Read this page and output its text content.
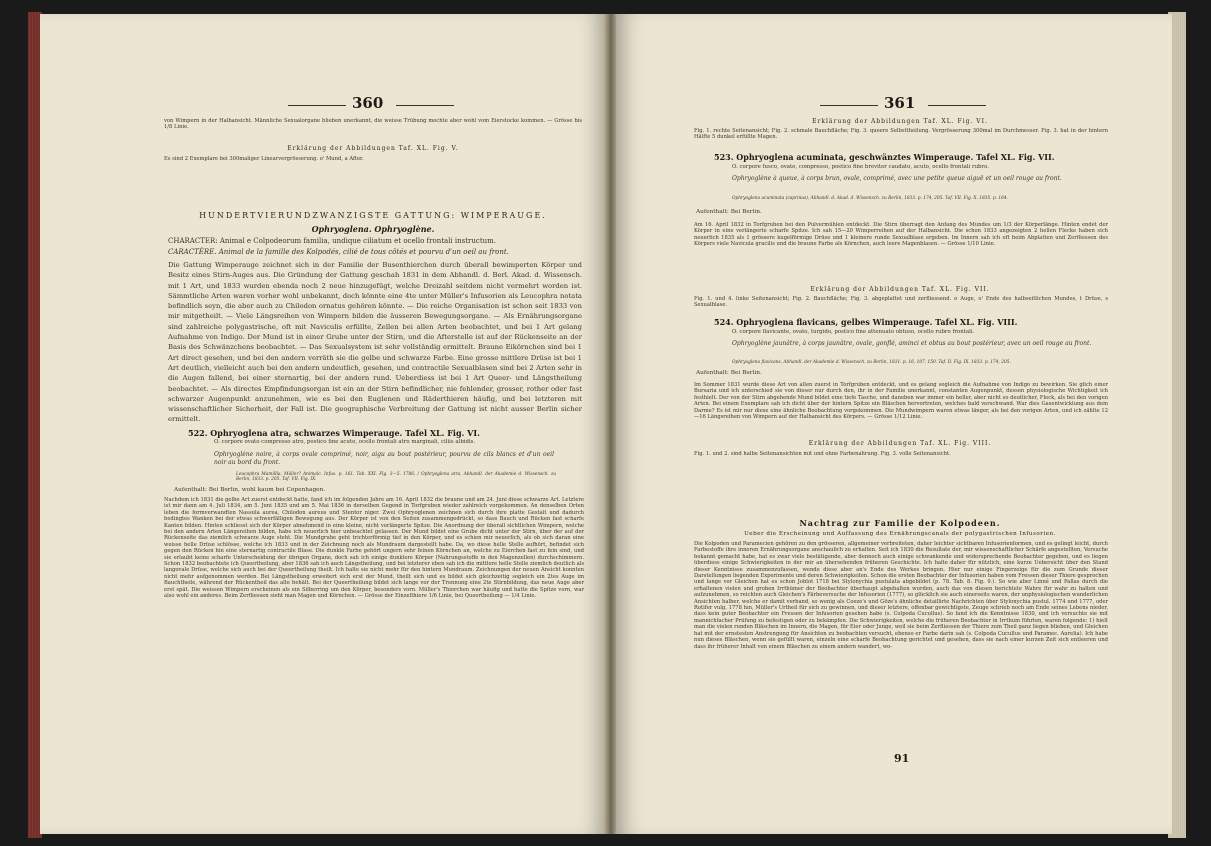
360
von Wimpern in der Halbansicht. Männliche Sexualorgane blieben unerkannt, die weisse Trübung mochte aber wohl vom Eierstocke kommen. — Grösse bis 1/8 Linie.
Erklärung der Abbildungen Taf. XL. Fig. V.
Es sind 2 Exemplare bei 300maliger Linearvergrösserung. o' Mund, a After.
HUNDERTVIERUNDZWANZIGSTE GATTUNG: WIMPERAUGE.
Ophryoglena. Ophryoglène.
CHARACTER: Animal e Colpodeorum familia, undique ciliatum et ocello frontali instructum.
CARACTÈRE. Animal de la famille des Kolpodés, cilié de tous côtés et pourvu d'un oeil au front.
Die Gattung Wimperauge zeichnet sich in der Familie der Busenthierchen durch überall bewimperten Körper und Besitz eines Stirn-Auges aus. Die Gründung der Gattung geschah 1831 in dem Abhandl. d. Berl. Akad. d. Wissensch. mit 1 Art, und 1833 wurden ebenda noch 2 neue hinzugefügt, welche Dreizahl seitdem nicht vermehrt worden ist. Sämmtliche Arten waren vorher wohl unbekannt, doch könnte eine 4te unter Müller's Infusorien als Leucophra notata befindlich seyn, die aber auch zu Chilodon ornatus gehören könnte. — Die reiche Organisation ist schon seit 1833 von mir mitgetheilt. — Viele Längsreihen von Wimpern bilden die äusseren Bewegungsorgane. — Als Ernährungsorgane sind zahlreiche polygastrische, oft mit Naviculis erfüllte, Zellen bei allen Arten beobachtet, und bei 1 Art gelang Aufnahme von Indigo. Der Mund ist in einer Grube unter der Stirn, und die Afterstelle ist auf der Rückenseite an der Basis des Schwänzchens beobachtet. — Das Sexualsystem ist sehr vollständig ermittelt. Braune Eikörnchen sind bei 1 Art direct gesehen, und bei den andern verräth sie die gelbe und schwarze Farbe. Eine grosse mittlere Drüse ist bei 1 Art deutlich, vielleicht auch bei den andern undeutlich, gesehen, und contractile Sexualblasen sind bei 2 Arten sehr in die Augen fallend, bei einer sternartig, bei der andern rund. Ueberdiess ist bei 1 Art Queer- und Längstheilung beobachtet. — Als directes Empfindungsorgan ist ein an der Stirn befindlicher, nie fehlender, grosser, rother oder fast schwarzer Augenpunkt anzunehmen, wie es bei den Euglenen und Räderthieren häufig, und bei letzteren mit wissenschaftlicher Sicherheit, der Fall ist. Die geographische Verbreitung der Gattung ist nicht ausser Berlin sicher ermittelt.
522. Ophryoglena atra, schwarzes Wimperauge. Tafel XL. Fig. VI.
O. corpore ovato compresso atro, postico fine acuto, ocello frontali atro marginali, ciliis albidis.
Ophryoglène noire, à corps ovale comprimé, noir, aigu au bout postérieur, pourvu de cils blancs et d'un oeil noir au bord du front.
Leucophra Mamillla, Müller? Animalc. Infus. p. 161. Tab. XXI. Fig. 3—5. 1786. / Ophryoglena atra, Abhandl. der Akademie d. Wissensch. zu Berlin, 1833. p. 205. Taf. VII. Fig. IX.
Aufenthalt: Bei Berlin, wohl kaum bei Copenhagen.
Nachdem ich 1831 die gelbe Art zuerst entdeckt hatte, fand ich im folgenden Jahre am 16. April 1832 die braune und am 24. Juni diese schwarze Art. Letztere ist mir dann am 4. Juli 1834, am 5. Juni 1835 und am 5. Mai 1836 in derselben Gegend in Torfgruben wieder zahlreich vorgekommen. An denselben Orten leben die formverwandten Nassula aurea, Chilodon aureus und Stentor niger. Zwei Ophryoglenen zeichnen sich durch ihre platte Gestalt und dadurch bedingtes Wanken bei der etwas schwerfälligen Bewegung aus. Der Körper ist von den Seiten zusammengedrückt, so dass Bauch und Rücken fast scharfe Kanten bilden. Hinten schliesst sich der Körper abnehmend in eine kleine, nicht verlängerte Spitze. Die Anordnung der überall sichtlichen Wimpern, welche bei den andern Arten Längsreihen bilden, habe ich neuerlich hier unbeachtet gelassen. Der Mund bildet eine Grube dicht unter der Stirn, über der auf der Rückenseite das ziemlich schwarze Auge steht. Die Mundgrube geht trichterförmig tief in den Körper, und es schien mir neuerlich, als ob sich daran eine weisse helle Drüse schlösse, welche ich 1833 und in der Zeichnung noch als Mundraum dargestellt habe. Da, wo diese helle Stelle aufhört, befindet sich gegen den Rücken hin eine sternartig contractile Blase. Die dunkle Farbe gehört ungern sehr feinen Körnchen an, welche zu Eierchen fast zu fein sind, und sie erlaubt keine scharfe Unterscheidung der übrigen Organe, doch sah ich einige dunklere Körper (Nahrungsstoffe in den Magenzellen) durchschimmern. Schon 1832 beobachtete ich Queertheilung, aber 1836 sah ich auch Längstheilung, und bei letzterer eben sah ich die mittlere helle Stelle ziemlich deutlich als langovale Drüse, welche sich auch bei der Queertheilung theilt. Ich halte sie nicht mehr für den hintern Mundraum. Zeichnungen der neuen Ansicht konnten nicht mehr aufgenommen werden. Bei Längstheilung erweitert sich erst der Mund, theilt sich und es bildet sich gleichzeitig sogleich ein 2tes Auge im Bauchtheile, während der Rückentheil das alte behält. Bei der Queertheilung bildet sich lange vor der Trennung eine 2te Stirnbildung, das neue Auge aber erst spät. Die weissen Wimpern erscheinen als ein Silberring um den Körper, besonders vorn. Müller's Thierchen war häufig und hatte die Spitze vorn, war also wohl ein anderes. Beim Zerfliessen sieht man Magen und Körnchen. — Grösse der Einzelthiere 1/6 Linie, bei Queertheilung — 1/4 Linie.
361
Erklärung der Abbildungen Taf. XL. Fig. VI.
Fig. 1. rechte Seitenansicht; Fig. 2. schmale Bauchfläche; Fig. 3. queere Selbsttheilung. Vergrösserung 300mal im Durchmesser. Fig. 3. hat in der hintern Hälfte 5 dunkel erfüllte Magen.
523. Ophryoglena acuminata, geschwänztes Wimperauge. Tafel XL. Fig. VII.
O. corpore fusco, ovato, compresso, postico fine breviter caudato, acuto, ocello frontali rubro.
Ophryoglène à queue, à corps brun, ovale, comprimé, avec une petite queue aiguë et un oeil rouge au front.
Ophryoglena acuminata (caprinus), Abhandl. d. Akad. d. Wissensch. zu Berlin, 1833. p. 174, 205. Taf. VII. Fig. X. 1835. p. 164.
Aufenthalt: Bei Berlin.
Am 16. April 1832 in Torfgruben bei den Pulvermühlen entdeckt. Die Stirn überragt den Anfang des Mundes um 1/3 der Körperlänge. Hinten endet der Körper in eine verlängerte scharfe Spitze. Ich sah 15—20 Wimperreihen auf der Halbansicht. Die schon 1833 angezeigten 2 hellen Flecke haben sich neuerlich 1835 als 1 grössere kugelförmige Drüse und 1 kleinere runde Sexualblase ergeben. Im Innern sah ich oft beim Abplatten und Zerfliessen des Körpers viele Navicula gracilis und die braune Farbe als Körnchen, auch leere Magenblasen. — Grösse 1/10 Linie.
Erklärung der Abbildungen Taf. XL. Fig. VII.
Fig. 1. und 4. linke Seitenansicht; Fig. 2. Bauchfläche; Fig. 3. abgeplattet und zerfliessend. o Auge, o' Ende des halbseitlichen Mundes, t Drüse, s Sexualblase.
524. Ophryoglena flavicans, gelbes Wimperauge. Tafel XL. Fig. VIII.
O. corpore flavicante, ovato, turgido, postico fine attenuato obtuso, ocello rubro frontali.
Ophryoglène jaunâtre, à corps jaunâtre, ovale, gonflé, aminci et obtus au bout postérieur, avec un oeil rouge au front.
Ophryoglena flavicans, Abhandl. der Akademie d. Wissensch. zu Berlin, 1831. p. 16, 107, 150. Taf. II. Fig. IX. 1833. p. 174, 205.
Aufenthalt: Bei Berlin.
Im Sommer 1831 wurde diese Art von allen zuerst in Torfgruben entdeckt, und es gelang sogleich die Aufnahme von Indigo zu bewirken. Sie glich einer Bursaria und ich unterschied sie von dieser nur durch den, ihr in der Familie unerkannt, constanten Augenpunkt, dessen physiologische Wichtigkeit ich festhielt. Der von der Stirn abgehende Mund bildet eine tiefe Tasche, und daneben war immer ein heller, aber nicht so deutlicher, Fleck, als bei den vorigen Arten. Bei einem Exemplare sah ich dicht über der hintern Spitze ein Bläschen hervortreten, welches bald verschwand. War dies Gasentwicklung aus dem Darme? Es ist mir nur diese eine ähnliche Beobachtung vorgekommen. Die Mundwimpern waren etwas länger, als bei den vorigen Arten, und ich zählte 12—16 Längsreihen von Wimpern auf der Halbansicht des Körpers. — Grösse 1/12 Linie.
Erklärung der Abbildungen Taf. XL. Fig. VIII.
Fig. 1. und 2. sind halbe Seitenansichten mit und ohne Farbenahrung. Fig. 3. volle Seitenansicht.
Nachtrag zur Familie der Kolpodeen.
Ueber die Erscheinung und Auffassung des Ernährungscanals der polygastrischen Infusorien.
Die Kolpoden und Paramecien gehören zu den grösseren, allgemeiner verbreiteten, daher leichter sichtbaren Infusorienformen, und es gelingt leicht, durch Farbestoffe ihre inneren Ernährungsorgane anschaulich zu erhalten. Seit ich 1830 die Resultate der, mir wissenschaftlicher Schärfe angestellten, Versuche bekannt gemacht habe, hat es zwar viele bestätigende, aber dennoch auch einige schwankende und widersprechende Beobachter gegeben, und es liegen überdiess einige Schwierigkeiten in der mir an übersehenden früheren Geschichte. Ich halte daher für nützlich, eine kurze Uebersicht über den Stand dieser Kenntnisse zusammenzufassen, wende diese aber an's Ende des Werkes bringen. Hier nur einige Fingerzeige für die zum Grunde dieser Darstellungen liegenden Experimente und deren Schwierigkeiten. Schon die ersten Beobachter der Infusorien haben vom Fressen dieser Thiere gesprochen und lange vor Gleichen hat es schon Joblot 1718 bei Stylonychia pustulata abgebildet (p. 78. Tab. 8. Fig. 9.). So wie aber Linné und Pallas durch die erhaltenen vielen und groben Irrthümer der Beobachter überhaupt abgehalten wurden, auch das von diesen berichtete Wahre für wahr zu halten und aufzunehmen, so reichten auch Gleichen's Färbeversuche der Infusorien (1777), so glücklich sie auch einerseits waren, der unphysiologischen wunderlichen Ansichten halber, welche er damit verband, so wenig als Coeze's und Göze's ähnliche detaillirte Nachrichten über Stylonychia pustul. 1774 und 1777, oder Rotifer vulg. 1778 hin, Müller's Urtheil für sich zu gewinnen, und dieser letztere, offenbar gewichtigste, Zeuge schrieb noch am Ende seines Lebens nieder, dass kein guter Beobachter ein Fressen der Infusorien gesehen habe (s. Colpoda Cucullus). So fand ich die Kenntnisse 1830, und ich versuchte sie mit mannichfacher Prüfung zu befestigen oder zu bekämpfen. Die Schwierigkeiten, welche die früheren Beobachter in Irrthum führten, waren folgende: 1) hielt man die vielen runden Bläschen im Innern, die Magen, für Eier oder Junge, weil sie beim Zerfliessen der Thiere zum Theil ganz liegen blieben, und Gleichen hat mit der ernstesten Anstrengung für Ansichten zu beobachten versucht, ebenso er Farbe darin sah (s. Colpoda Cucullus und Paramec. Aurelia). Ich habe nun dieses Bläschen, wenn sie gefüllt waren, einzeln eine scharfe Beobachtung gerichtet und gesehen, dass sie nach einer kurzen Zeit sich entleeren und dass ihr früherer Inhalt von einem Bläschen zu einem andern wandert, wo-
91
